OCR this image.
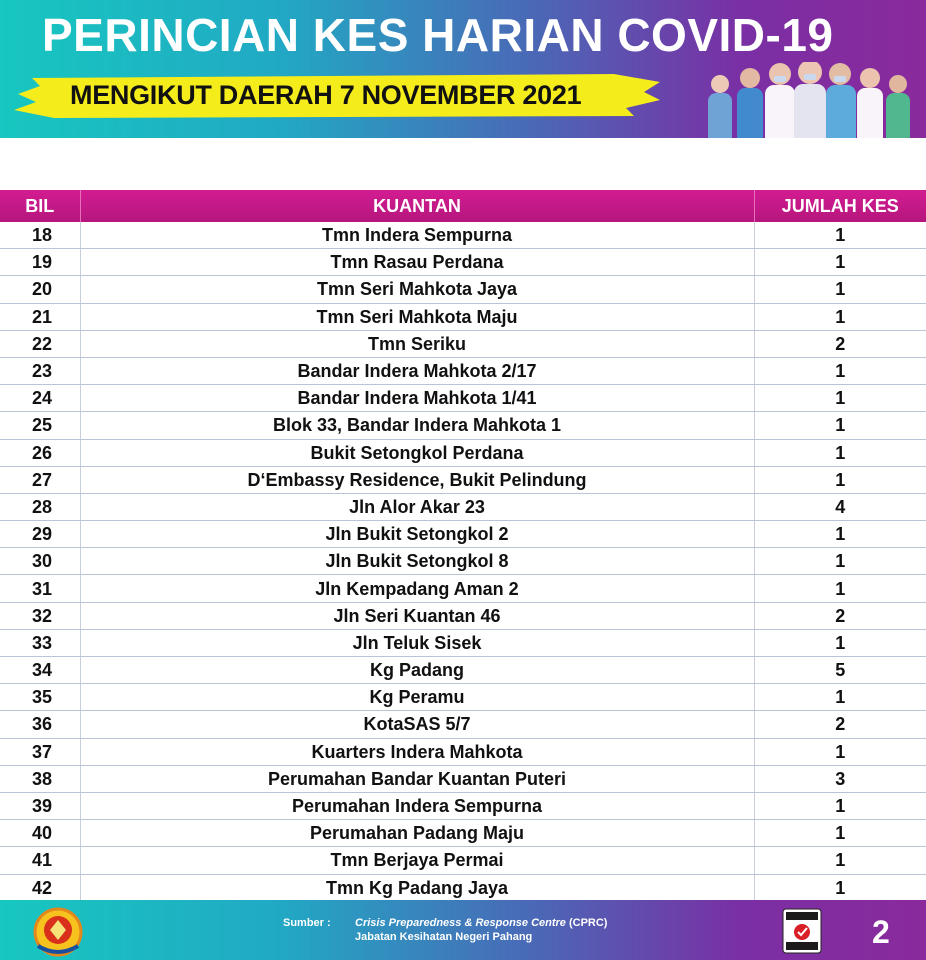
PERINCIAN KES HARIAN COVID-19
MENGIKUT DAERAH 7 NOVEMBER 2021
BIL	KUANTAN	JUMLAH KES
18	Tmn Indera Sempurna	1
19	Tmn Rasau Perdana	1
20	Tmn Seri Mahkota Jaya	1
21	Tmn Seri Mahkota Maju	1
22	Tmn Seriku	2
23	Bandar Indera Mahkota 2/17	1
24	Bandar Indera Mahkota 1/41	1
25	Blok 33, Bandar Indera Mahkota 1	1
26	Bukit Setongkol Perdana	1
27	D‘Embassy Residence, Bukit Pelindung	1
28	Jln Alor Akar 23	4
29	Jln Bukit Setongkol 2	1
30	Jln Bukit Setongkol 8	1
31	Jln Kempadang Aman 2	1
32	Jln Seri Kuantan 46	2
33	Jln Teluk Sisek	1
34	Kg Padang	5
35	Kg Peramu	1
36	KotaSAS 5/7	2
37	Kuarters Indera Mahkota	1
38	Perumahan Bandar Kuantan Puteri	3
39	Perumahan Indera Sempurna	1
40	Perumahan Padang Maju	1
41	Tmn Berjaya Permai	1
42	Tmn Kg Padang Jaya	1
Sumber : Crisis Preparedness & Response Centre (CPRC)
Jabatan Kesihatan Negeri Pahang	2
